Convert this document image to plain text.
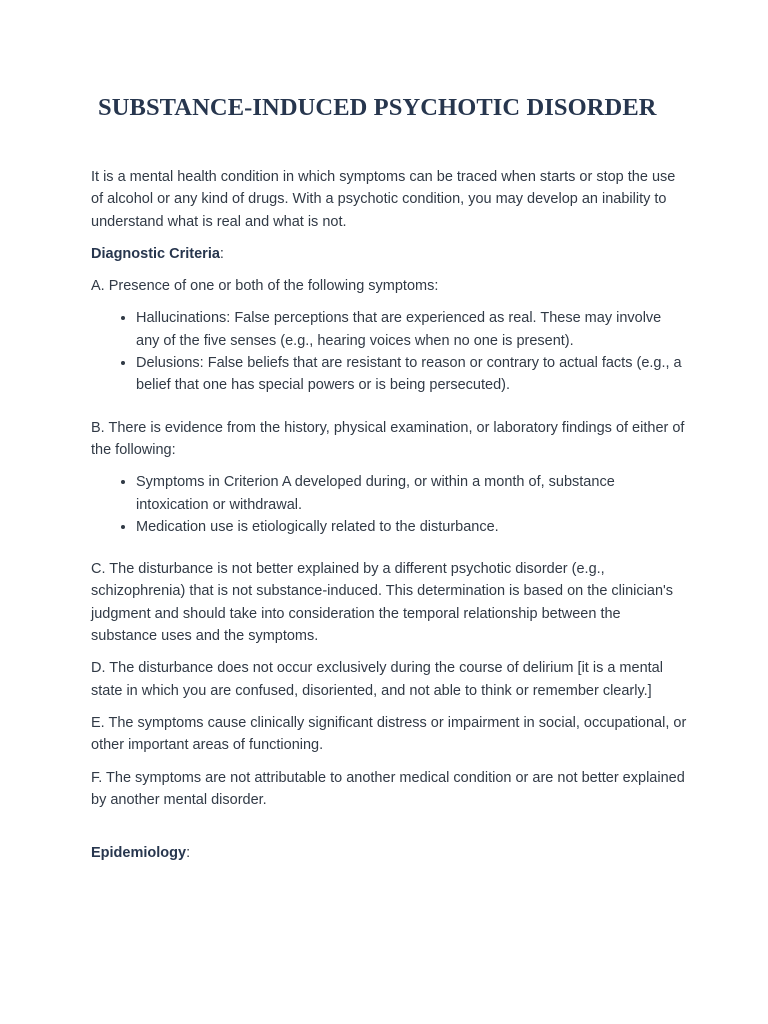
SUBSTANCE-INDUCED PSYCHOTIC DISORDER

It is a mental health condition in which symptoms can be traced when starts or stop the use of alcohol or any kind of drugs. With a psychotic condition, you may develop an inability to understand what is real and what is not.

Diagnostic Criteria:

A. Presence of one or both of the following symptoms:

• Hallucinations: False perceptions that are experienced as real. These may involve any of the five senses (e.g., hearing voices when no one is present).
• Delusions: False beliefs that are resistant to reason or contrary to actual facts (e.g., a belief that one has special powers or is being persecuted).

B. There is evidence from the history, physical examination, or laboratory findings of either of the following:

• Symptoms in Criterion A developed during, or within a month of, substance intoxication or withdrawal.
• Medication use is etiologically related to the disturbance.

C. The disturbance is not better explained by a different psychotic disorder (e.g., schizophrenia) that is not substance-induced. This determination is based on the clinician's judgment and should take into consideration the temporal relationship between the substance uses and the symptoms.

D. The disturbance does not occur exclusively during the course of delirium [it is a mental state in which you are confused, disoriented, and not able to think or remember clearly.]

E. The symptoms cause clinically significant distress or impairment in social, occupational, or other important areas of functioning.

F. The symptoms are not attributable to another medical condition or are not better explained by another mental disorder.

Epidemiology:
